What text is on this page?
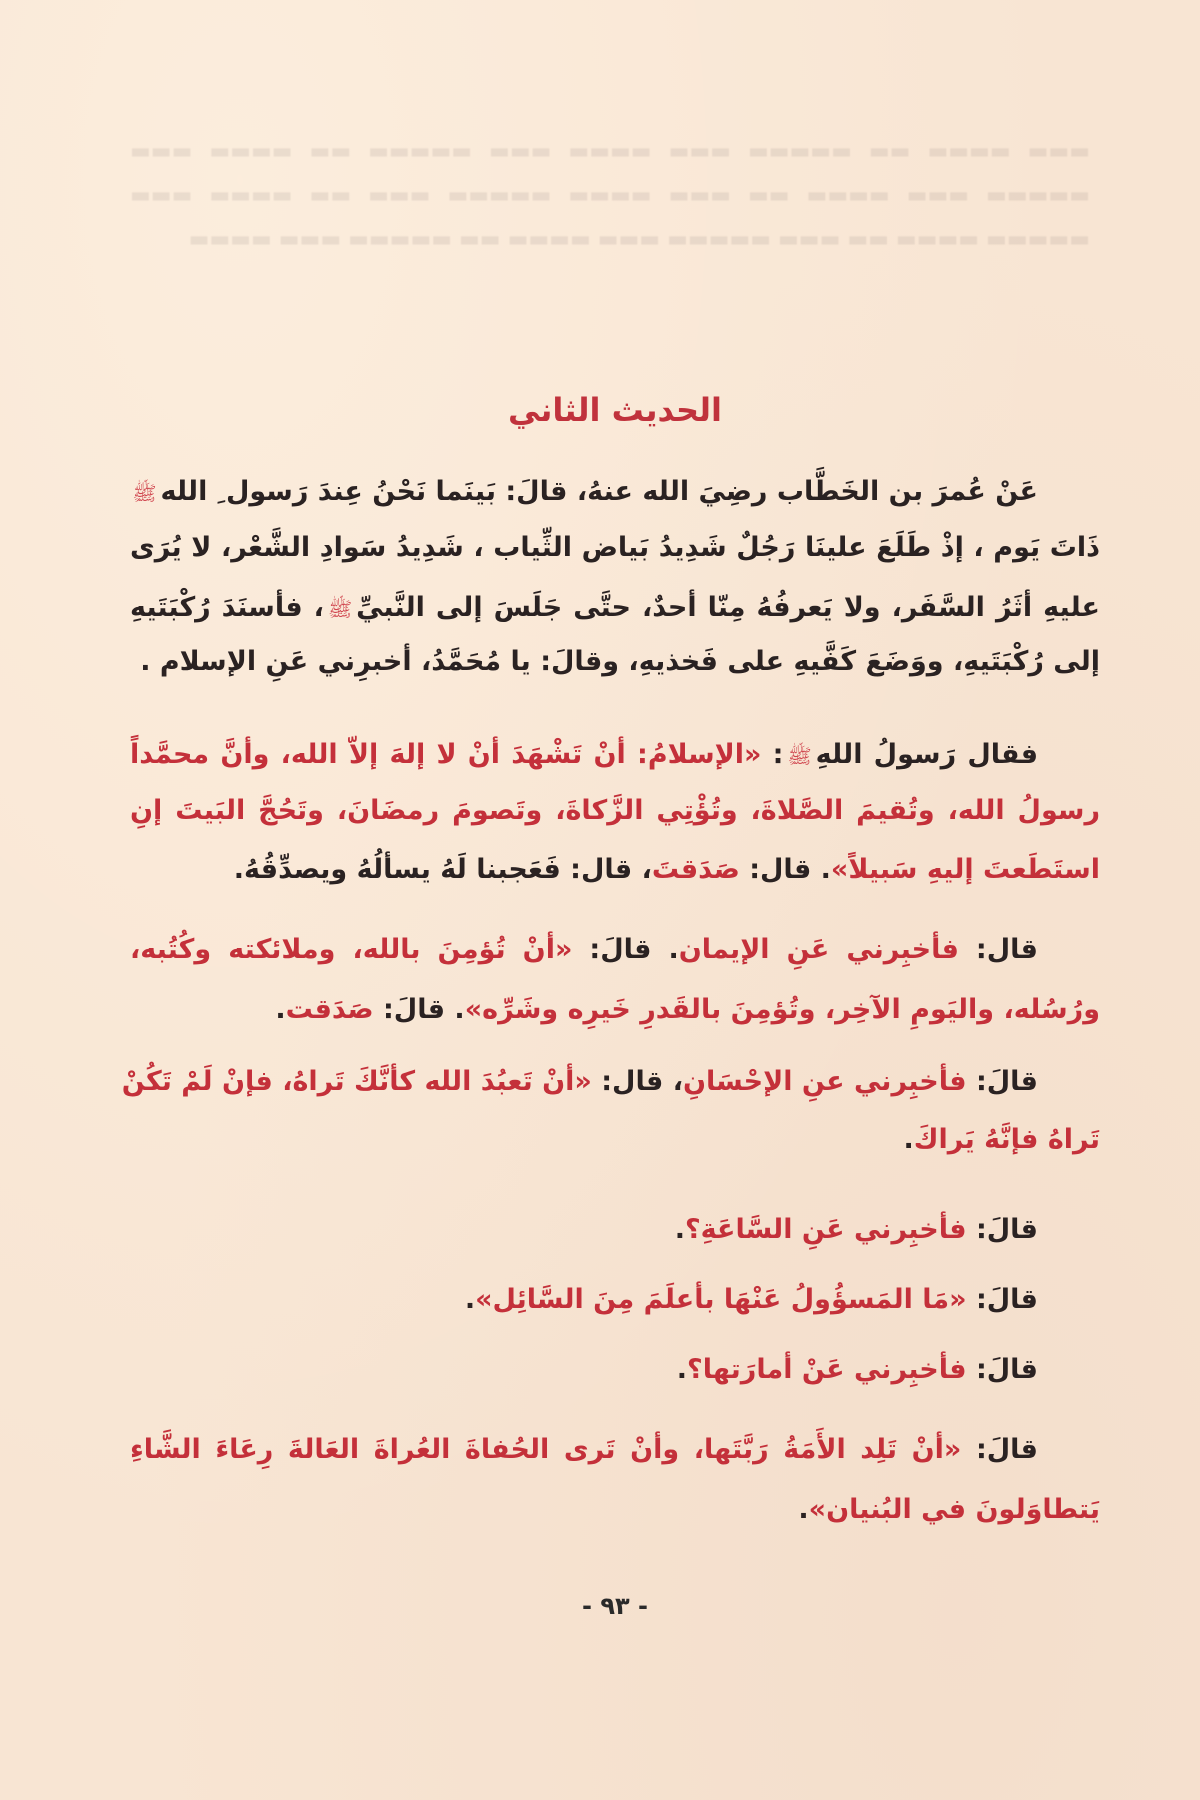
▬▬▬ ▬▬▬▬ ▬▬ ▬▬▬▬▬ ▬▬▬ ▬▬▬▬ ▬▬▬ ▬▬▬▬▬ ▬▬ ▬▬▬▬ ▬▬▬ ▬▬▬▬▬ ▬▬▬ ▬▬▬▬ ▬▬ ▬▬▬ ▬▬▬▬ ▬▬▬▬▬ ▬▬▬ ▬▬ ▬▬▬▬ ▬▬▬ ▬▬▬▬▬ ▬▬▬▬ ▬▬ ▬▬▬ ▬▬▬▬▬ ▬▬▬ ▬▬▬▬ ▬▬ ▬▬▬▬▬ ▬▬▬ ▬▬▬▬
الحديث الثاني
عَنْ عُمرَ بن الخَطَّاب رضِيَ الله عنهُ، قالَ: بَينَما نَحْنُ عِندَ رَسول ِ اللهﷺ
ذَاتَ يَوم ، إذْ طَلَعَ علينَا رَجُلٌ شَدِيدُ بَياض الثِّياب ، شَدِيدُ سَوادِ الشَّعْر، لا يُرَى
عليهِ أثَرُ السَّفَر، ولا يَعرفُهُ مِنّا أحدٌ، حتَّى جَلَسَ إلى النَّبيِّﷺ، فأسنَدَ رُكْبَتَيهِ
إلى رُكْبَتَيهِ، ووَضَعَ كَفَّيهِ على فَخذيهِ، وقالَ: يا مُحَمَّدُ، أخبرِني عَنِ الإسلام .
فقال رَسولُ اللهِﷺ: «الإسلامُ: أنْ تَشْهَدَ أنْ لا إلهَ إلاّ الله، وأنَّ محمَّداً
رسولُ الله، وتُقيمَ الصَّلاةَ، وتُؤْتِي الزَّكاةَ، وتَصومَ رمضَانَ، وتَحُجَّ البَيتَ إنِ
استَطَعتَ إليهِ سَبيلاً». قال: صَدَقتَ، قال: فَعَجبنا لَهُ يسألُهُ ويصدِّقُهُ.
قال: فأخبِرني عَنِ الإيمان. قالَ: «أنْ تُؤمِنَ بالله، وملائكته وكُتُبه،
ورُسُله، واليَومِ الآخِر، وتُؤمِنَ بالقَدرِ خَيرِه وشَرِّه». قالَ: صَدَقت.
قالَ: فأخبِرني عنِ الإحْسَانِ، قال: «أنْ تَعبُدَ الله كأنَّكَ تَراهُ، فإنْ لَمْ تَكُنْ
تَراهُ فإنَّهُ يَراكَ.
قالَ: فأخبِرني عَنِ السَّاعَةِ؟.
قالَ: «مَا المَسؤُولُ عَنْهَا بأعلَمَ مِنَ السَّائِل».
قالَ: فأخبِرني عَنْ أمارَتها؟.
قالَ: «أنْ تَلِد الأَمَةُ رَبَّتَها، وأنْ تَرى الحُفاةَ العُراةَ العَالةَ رِعَاءَ الشَّاءِ
يَتطاوَلونَ في البُنيان».
- ٩٣ -
